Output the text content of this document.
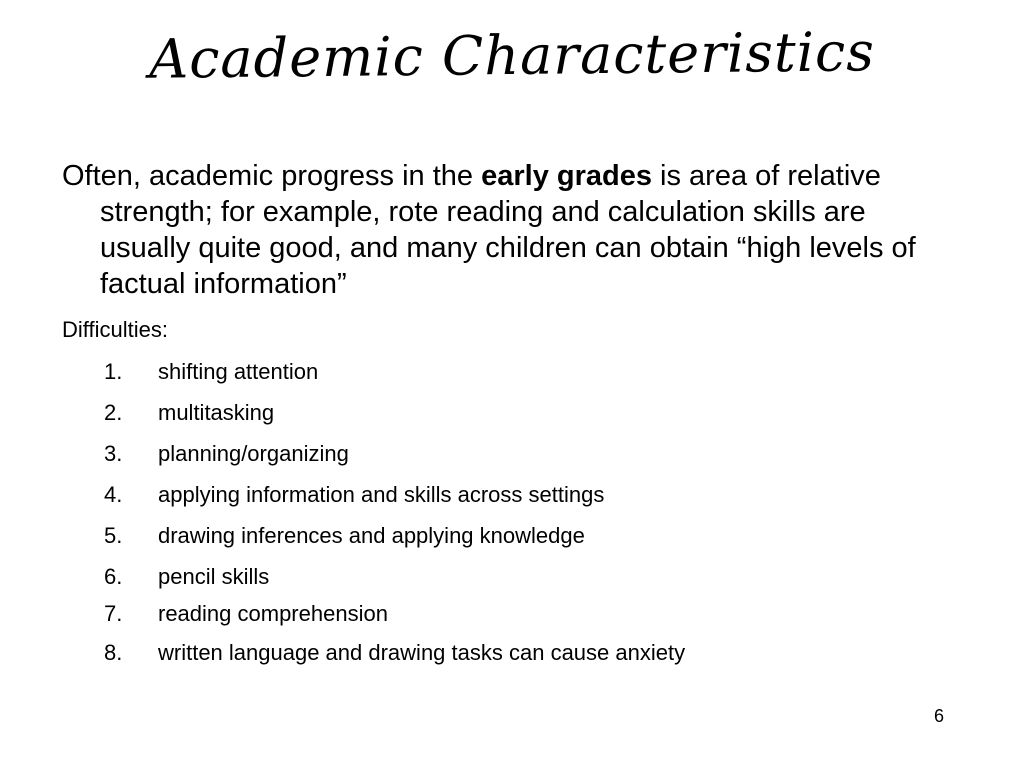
Academic Characteristics
Often, academic progress in the early grades is area of relative strength; for example, rote reading and calculation skills are usually quite good, and many children can obtain “high levels of factual information”
Difficulties:
1. shifting attention
2. multitasking
3. planning/organizing
4. applying information and skills across settings
5. drawing inferences and applying knowledge
6. pencil skills
7. reading comprehension
8. written language and drawing tasks can cause anxiety
6
